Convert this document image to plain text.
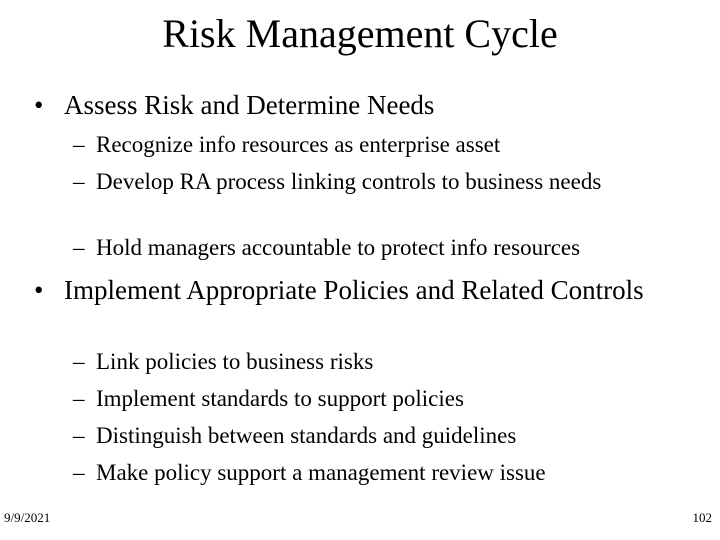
Risk Management Cycle
• Assess Risk and Determine Needs
– Recognize info resources as enterprise asset
– Develop RA process linking controls to business needs
– Hold managers accountable to protect info resources
• Implement Appropriate Policies and Related Controls
– Link policies to business risks
– Implement standards to support policies
– Distinguish between standards and guidelines
– Make policy support a management review issue
9/9/2021	102
